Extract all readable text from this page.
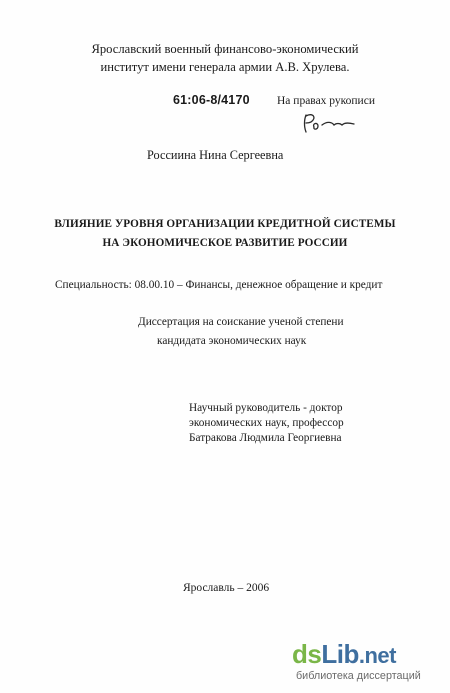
Ярославский военный финансово-экономический
институт имени генерала армии А.В. Хрулева.
61:06-8/4170 На правах рукописи
Россиина Нина Сергеевна
ВЛИЯНИЕ УРОВНЯ ОРГАНИЗАЦИИ КРЕДИТНОЙ СИСТЕМЫ
НА ЭКОНОМИЧЕСКОЕ РАЗВИТИЕ РОССИИ
Специальность: 08.00.10 – Финансы, денежное обращение и кредит
Диссертация на соискание ученой степени
кандидата экономических наук
Научный руководитель - доктор
экономических наук, профессор
Батракова Людмила Георгиевна
Ярославль – 2006
dsLib.net
библиотека диссертаций
